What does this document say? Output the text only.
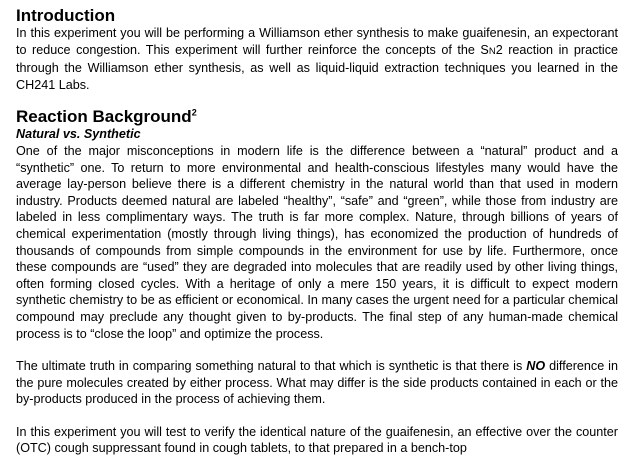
Introduction

In this experiment you will be performing a Williamson ether synthesis to make guaifenesin, an expectorant to reduce congestion. This experiment will further reinforce the concepts of the SN2 reaction in practice through the Williamson ether synthesis, as well as liquid-liquid extraction techniques you learned in the CH241 Labs.

Reaction Background$^2$
Natural vs. Synthetic

One of the major misconceptions in modern life is the difference between a “natural” product and a “synthetic” one. To return to more environmental and health-conscious lifestyles many would have the average lay-person believe there is a different chemistry in the natural world than that used in modern industry. Products deemed natural are labeled “healthy”, “safe” and “green”, while those from industry are labeled in less complimentary ways. The truth is far more complex. Nature, through billions of years of chemical experimentation (mostly through living things), has economized the production of hundreds of thousands of compounds from simple compounds in the environment for use by life. Furthermore, once these compounds are “used” they are degraded into molecules that are readily used by other living things, often forming closed cycles. With a heritage of only a mere 150 years, it is difficult to expect modern synthetic chemistry to be as efficient or economical. In many cases the urgent need for a particular chemical compound may preclude any thought given to by-products. The final step of any human-made chemical process is to “close the loop” and optimize the process.

The ultimate truth in comparing something natural to that which is synthetic is that there is NO difference in the pure molecules created by either process. What may differ is the side products contained in each or the by-products produced in the process of achieving them.

In this experiment you will test to verify the identical nature of the guaifenesin, an effective over the counter (OTC) cough suppressant found in cough tablets, to that prepared in a bench-top
